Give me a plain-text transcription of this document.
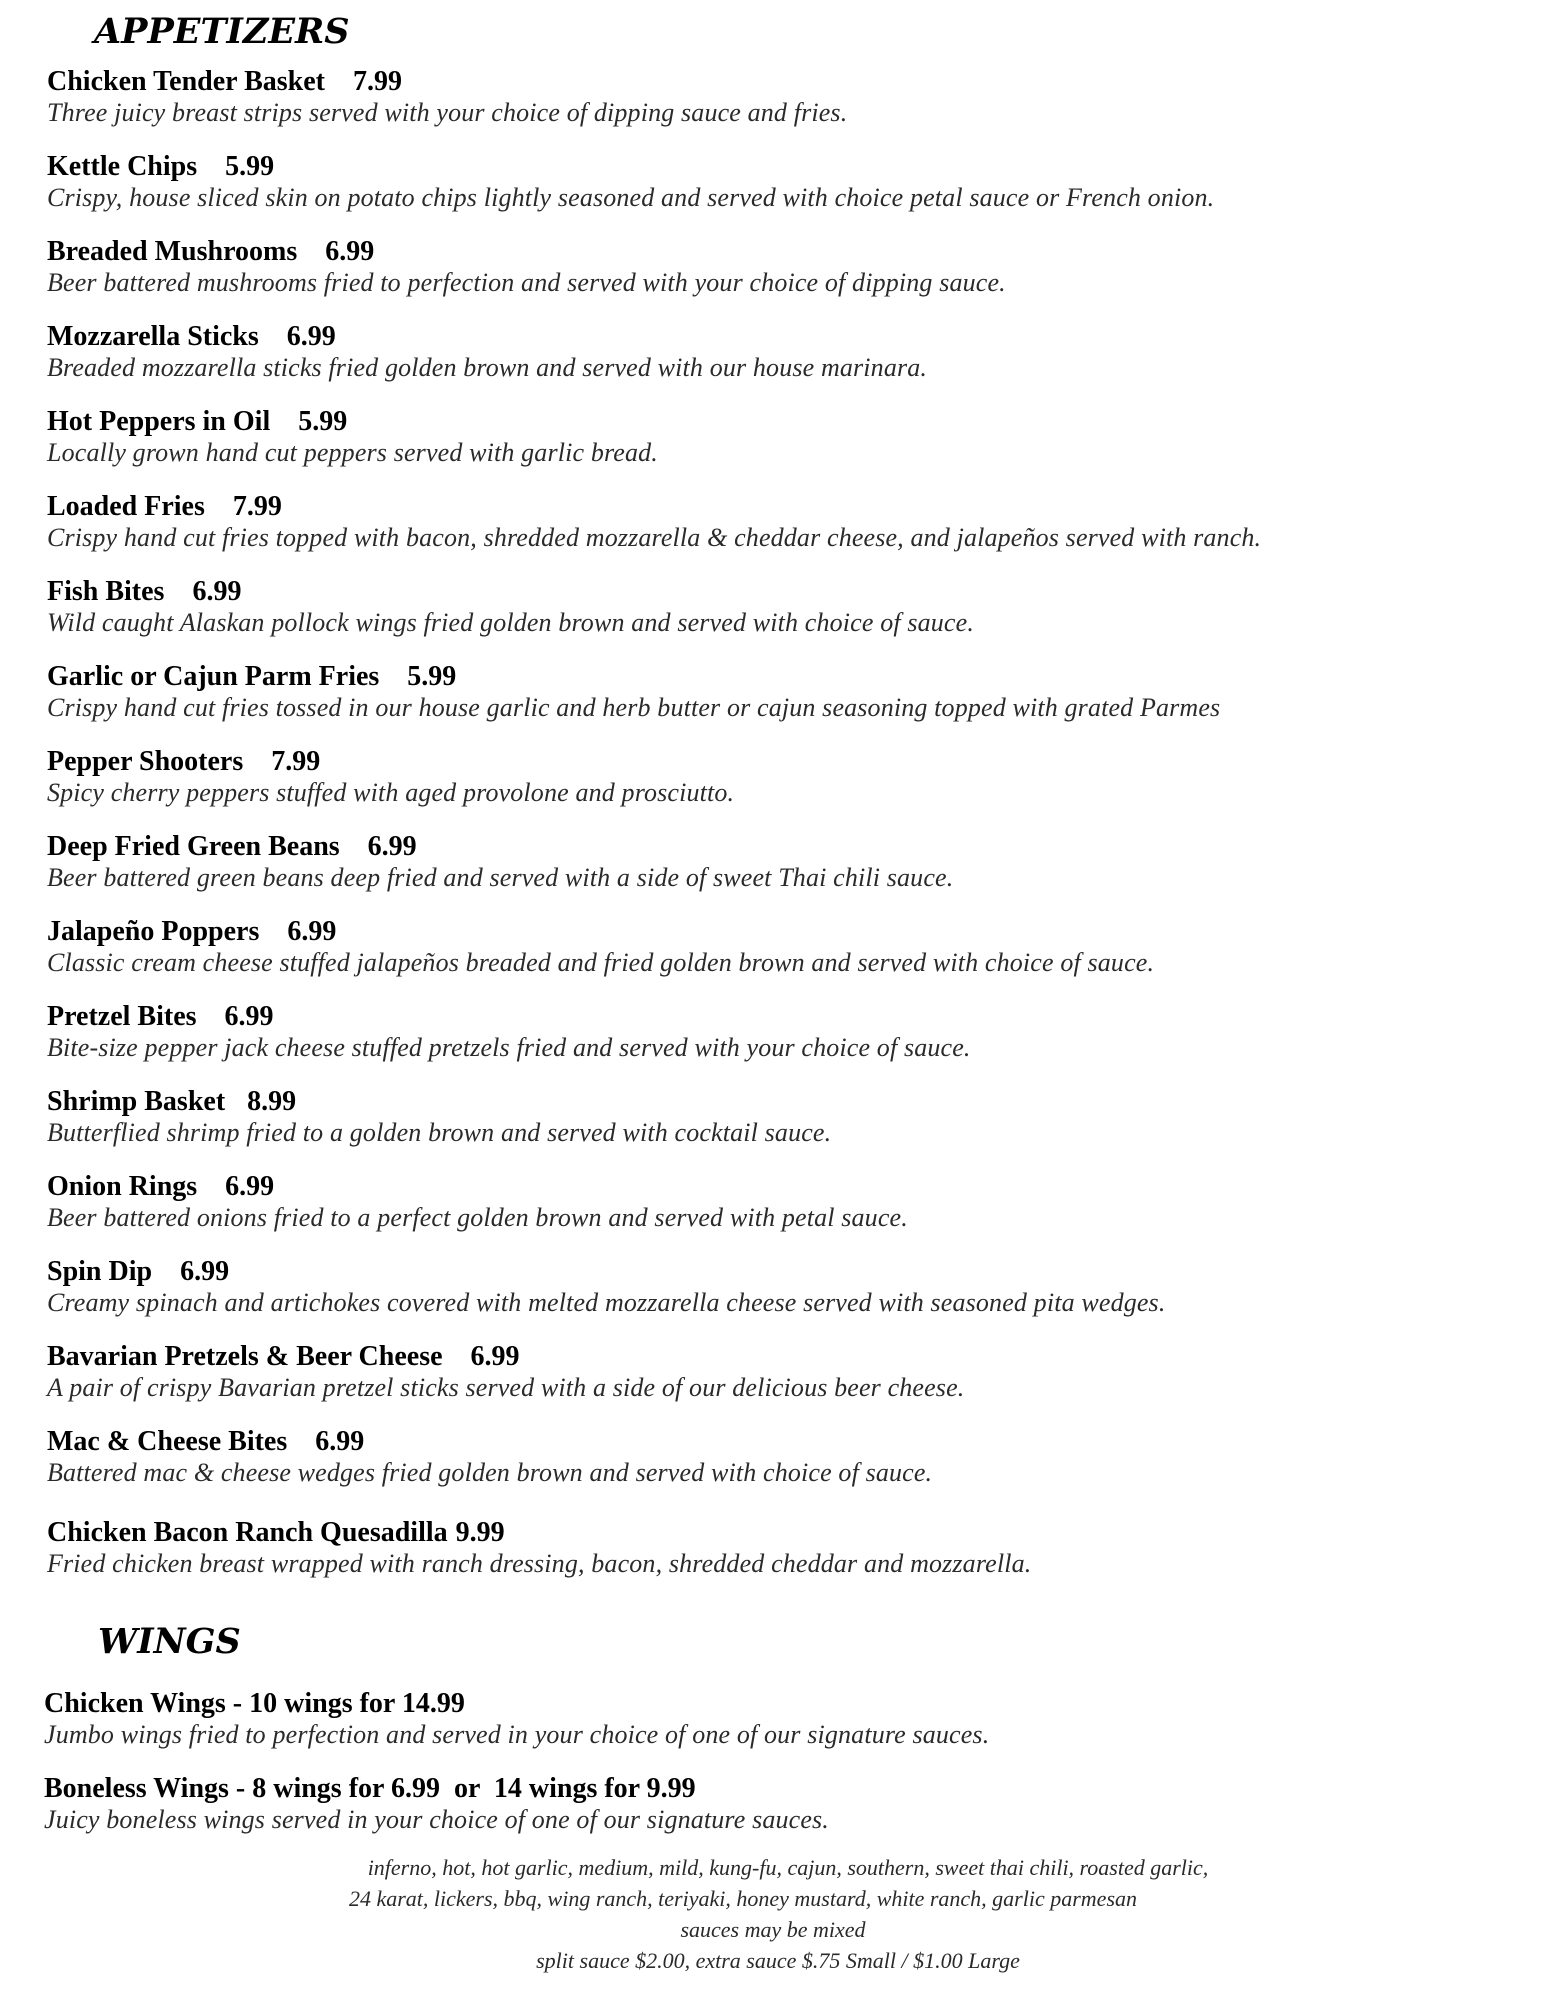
APPETIZERS
Chicken Tender Basket 7.99
Three juicy breast strips served with your choice of dipping sauce and fries.
Kettle Chips 5.99
Crispy, house sliced skin on potato chips lightly seasoned and served with choice petal sauce or French onion.
Breaded Mushrooms 6.99
Beer battered mushrooms fried to perfection and served with your choice of dipping sauce.
Mozzarella Sticks 6.99
Breaded mozzarella sticks fried golden brown and served with our house marinara.
Hot Peppers in Oil 5.99
Locally grown hand cut peppers served with garlic bread.
Loaded Fries 7.99
Crispy hand cut fries topped with bacon, shredded mozzarella & cheddar cheese, and jalapeños served with ranch.
Fish Bites 6.99
Wild caught Alaskan pollock wings fried golden brown and served with choice of sauce.
Garlic or Cajun Parm Fries 5.99
Crispy hand cut fries tossed in our house garlic and herb butter or cajun seasoning topped with grated Parmes
Pepper Shooters 7.99
Spicy cherry peppers stuffed with aged provolone and prosciutto.
Deep Fried Green Beans 6.99
Beer battered green beans deep fried and served with a side of sweet Thai chili sauce.
Jalapeño Poppers 6.99
Classic cream cheese stuffed jalapeños breaded and fried golden brown and served with choice of sauce.
Pretzel Bites 6.99
Bite-size pepper jack cheese stuffed pretzels fried and served with your choice of sauce.
Shrimp Basket 8.99
Butterflied shrimp fried to a golden brown and served with cocktail sauce.
Onion Rings 6.99
Beer battered onions fried to a perfect golden brown and served with petal sauce.
Spin Dip 6.99
Creamy spinach and artichokes covered with melted mozzarella cheese served with seasoned pita wedges.
Bavarian Pretzels & Beer Cheese 6.99
A pair of crispy Bavarian pretzel sticks served with a side of our delicious beer cheese.
Mac & Cheese Bites 6.99
Battered mac & cheese wedges fried golden brown and served with choice of sauce.
Chicken Bacon Ranch Quesadilla 9.99
Fried chicken breast wrapped with ranch dressing, bacon, shredded cheddar and mozzarella.
WINGS
Chicken Wings - 10 wings for 14.99
Jumbo wings fried to perfection and served in your choice of one of our signature sauces.
Boneless Wings - 8 wings for 6.99  or  14 wings for 9.99
Juicy boneless wings served in your choice of one of our signature sauces.
inferno, hot, hot garlic, medium, mild, kung-fu, cajun, southern, sweet thai chili, roasted garlic,
24 karat, lickers, bbq, wing ranch, teriyaki, honey mustard, white ranch, garlic parmesan
sauces may be mixed
split sauce $2.00, extra sauce $.75 Small / $1.00 Large
